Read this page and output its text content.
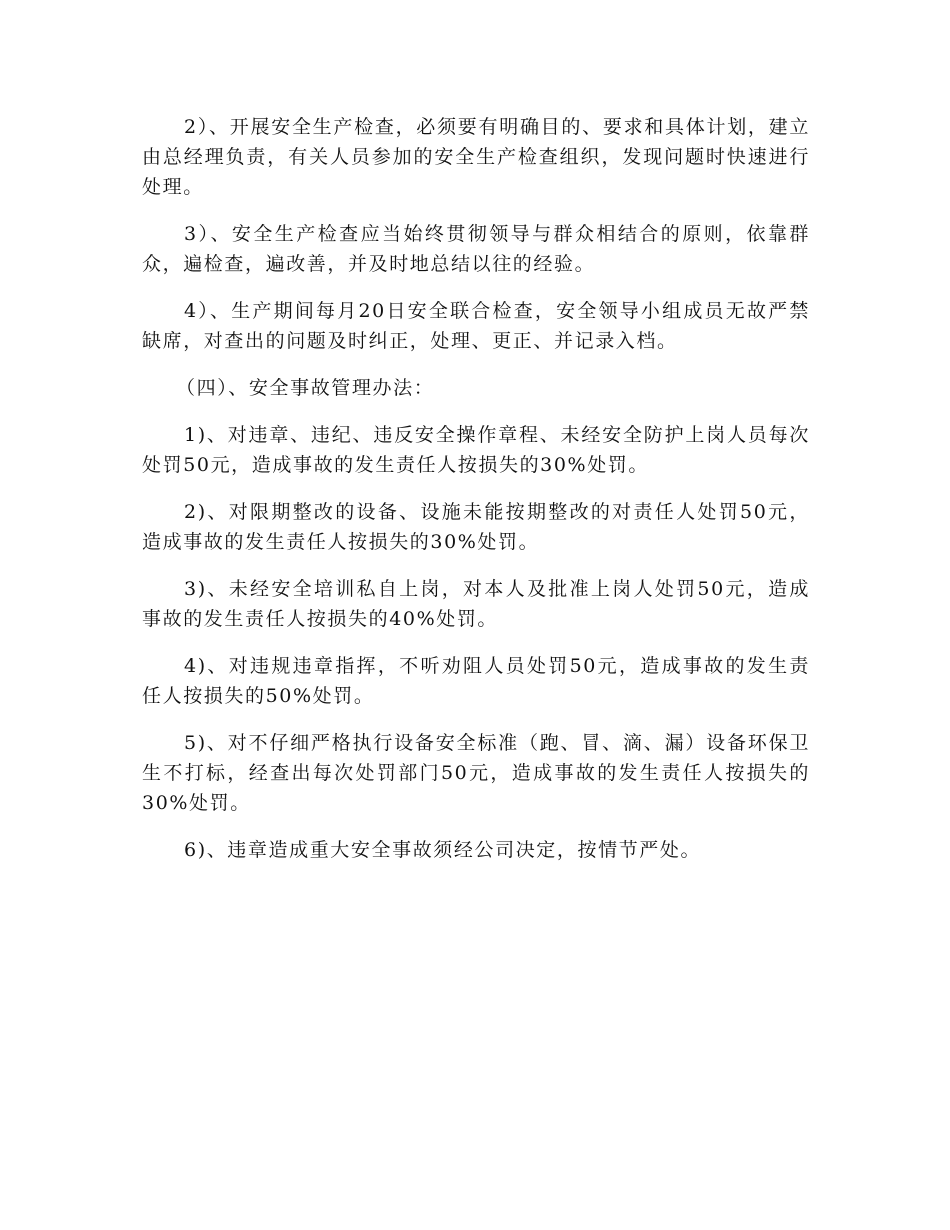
2）、开展安全生产检查，必须要有明确目的、要求和具体计划，建立由总经理负责，有关人员参加的安全生产检查组织，发现问题时快速进行处理。

3）、安全生产检查应当始终贯彻领导与群众相结合的原则，依靠群众，遍检查，遍改善，并及时地总结以往的经验。

4）、生产期间每月20日安全联合检查，安全领导小组成员无故严禁缺席，对查出的问题及时纠正，处理、更正、并记录入档。

（四）、安全事故管理办法：

1)、对违章、违纪、违反安全操作章程、未经安全防护上岗人员每次处罚50元，造成事故的发生责任人按损失的30%处罚。

2)、对限期整改的设备、设施未能按期整改的对责任人处罚50元，造成事故的发生责任人按损失的30%处罚。

3)、未经安全培训私自上岗，对本人及批准上岗人处罚50元，造成事故的发生责任人按损失的40%处罚。

4)、对违规违章指挥，不听劝阻人员处罚50元，造成事故的发生责任人按损失的50%处罚。

5)、对不仔细严格执行设备安全标准（跑、冒、滴、漏）设备环保卫生不打标，经查出每次处罚部门50元，造成事故的发生责任人按损失的30%处罚。

6)、违章造成重大安全事故须经公司决定，按情节严处。
